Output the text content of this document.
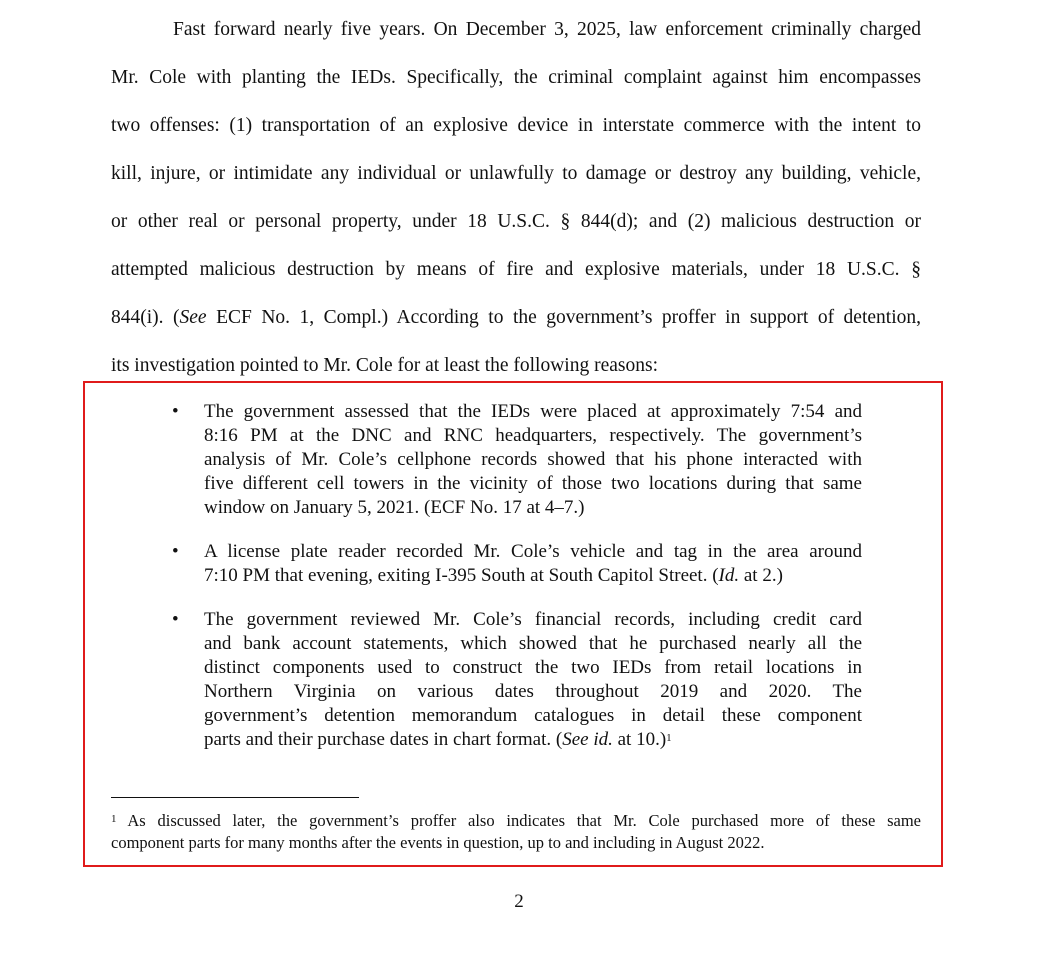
Fast forward nearly five years. On December 3, 2025, law enforcement criminally charged
Mr. Cole with planting the IEDs. Specifically, the criminal complaint against him encompasses
two offenses: (1) transportation of an explosive device in interstate commerce with the intent to
kill, injure, or intimidate any individual or unlawfully to damage or destroy any building, vehicle,
or other real or personal property, under 18 U.S.C. § 844(d); and (2) malicious destruction or
attempted malicious destruction by means of fire and explosive materials, under 18 U.S.C. §
844(i). (See ECF No. 1, Compl.) According to the government’s proffer in support of detention,
its investigation pointed to Mr. Cole for at least the following reasons:
• The government assessed that the IEDs were placed at approximately 7:54 and
8:16 PM at the DNC and RNC headquarters, respectively. The government’s
analysis of Mr. Cole’s cellphone records showed that his phone interacted with
five different cell towers in the vicinity of those two locations during that same
window on January 5, 2021. (ECF No. 17 at 4–7.)
• A license plate reader recorded Mr. Cole’s vehicle and tag in the area around
7:10 PM that evening, exiting I-395 South at South Capitol Street. (Id. at 2.)
• The government reviewed Mr. Cole’s financial records, including credit card
and bank account statements, which showed that he purchased nearly all the
distinct components used to construct the two IEDs from retail locations in
Northern Virginia on various dates throughout 2019 and 2020. The
government’s detention memorandum catalogues in detail these component
parts and their purchase dates in chart format. (See id. at 10.)$^1$
$^1$ As discussed later, the government’s proffer also indicates that Mr. Cole purchased more of these same
component parts for many months after the events in question, up to and including in August 2022.
2
